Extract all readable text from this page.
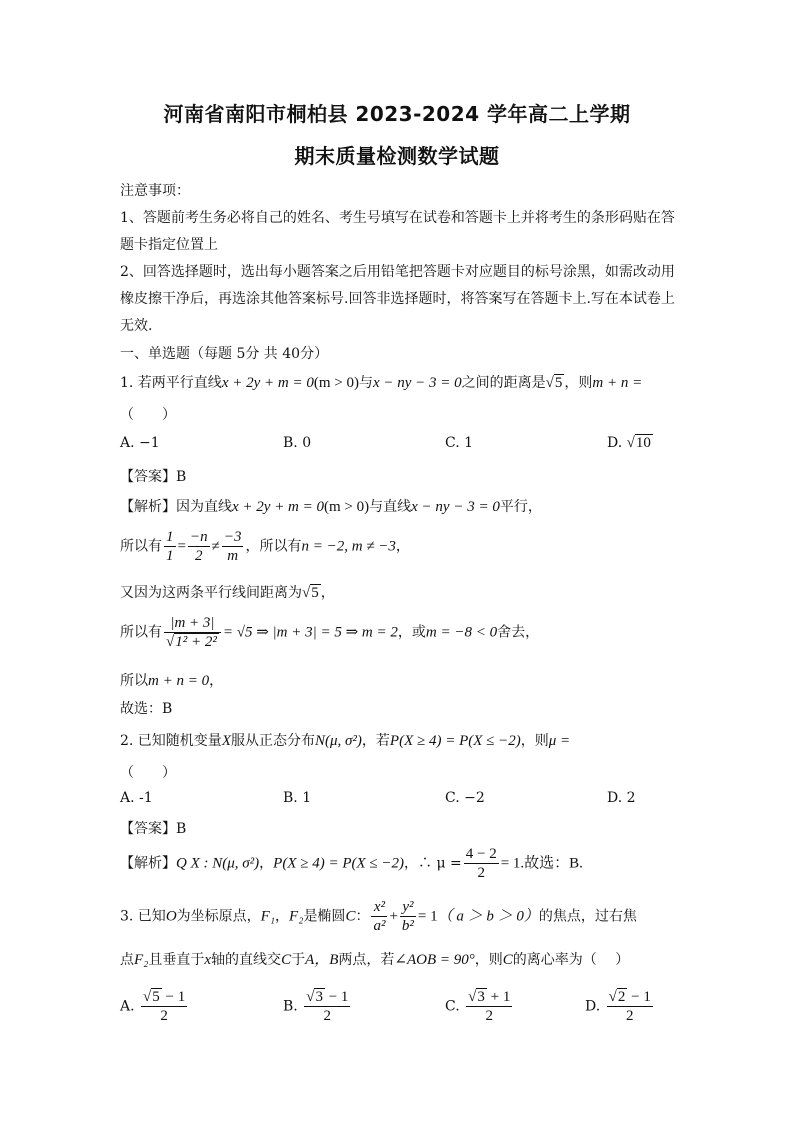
河南省南阳市桐柏县 2023-2024 学年高二上学期
期末质量检测数学试题
注意事项：
1、答题前考生务必将自己的姓名、考生号填写在试卷和答题卡上并将考生的条形码贴在答
题卡指定位置上
2、回答选择题时，选出每小题答案之后用铅笔把答题卡对应题目的标号涂黑，如需改动用
橡皮擦干净后，再选涂其他答案标号.回答非选择题时，将答案写在答题卡上.写在本试卷上
无效.
一、单选题（每题 5分 共 40分）
1. 若两平行直线x + 2y + m = 0(m > 0)与x − ny − 3 = 0之间的距离是√5 ，则m + n =
（　　）
A. −1	B. 0	C. 1	D. √10
【答案】B
【解析】因为直线x + 2y + m = 0(m > 0)与直线x − ny − 3 = 0平行，
所以有 $\frac{1}{1} = \frac{-n}{2} \ne \frac{-3}{m}$ ，所以有n = −2, m ≠ −3，
又因为这两条平行线间距离为√5 ，
所以有 $\frac{|m + 3|}{\text{√1² + 2²}} = √5$ ⇒ |m + 3| = 5 ⇒ m = 2，或m = −8 < 0舍去，
所以m + n = 0，
故选：B
2. 已知随机变量X服从正态分布N(μ, σ²)，若P(X ≥ 4) = P(X ≤ −2)，则μ =
（　　）
A. -1	B. 1	C. −2	D. 2
【答案】B
【解析】Q X : N(μ, σ²)，P(X ≥ 4) = P(X ≤ −2)，∴ $\mu = \frac{4 - 2}{2} = 1$.故选：B.
3. 已知O为坐标原点，F₁，F₂是椭圆C： $\frac{\text{x²}}{\text{a²}} + \frac{\text{y²}}{\text{b²}} = 1$（ a ＞ b ＞ 0）的焦点，过右焦
点F₂且垂直于x轴的直线交C于A，B两点，若∠AOB = 90°，则C的离心率为（　 ）
A. $\frac{√5 - 1}{2}$	B. $\frac{√3 - 1}{2}$	C. $\frac{√3 + 1}{2}$	D. $\frac{√2 - 1}{2}$
